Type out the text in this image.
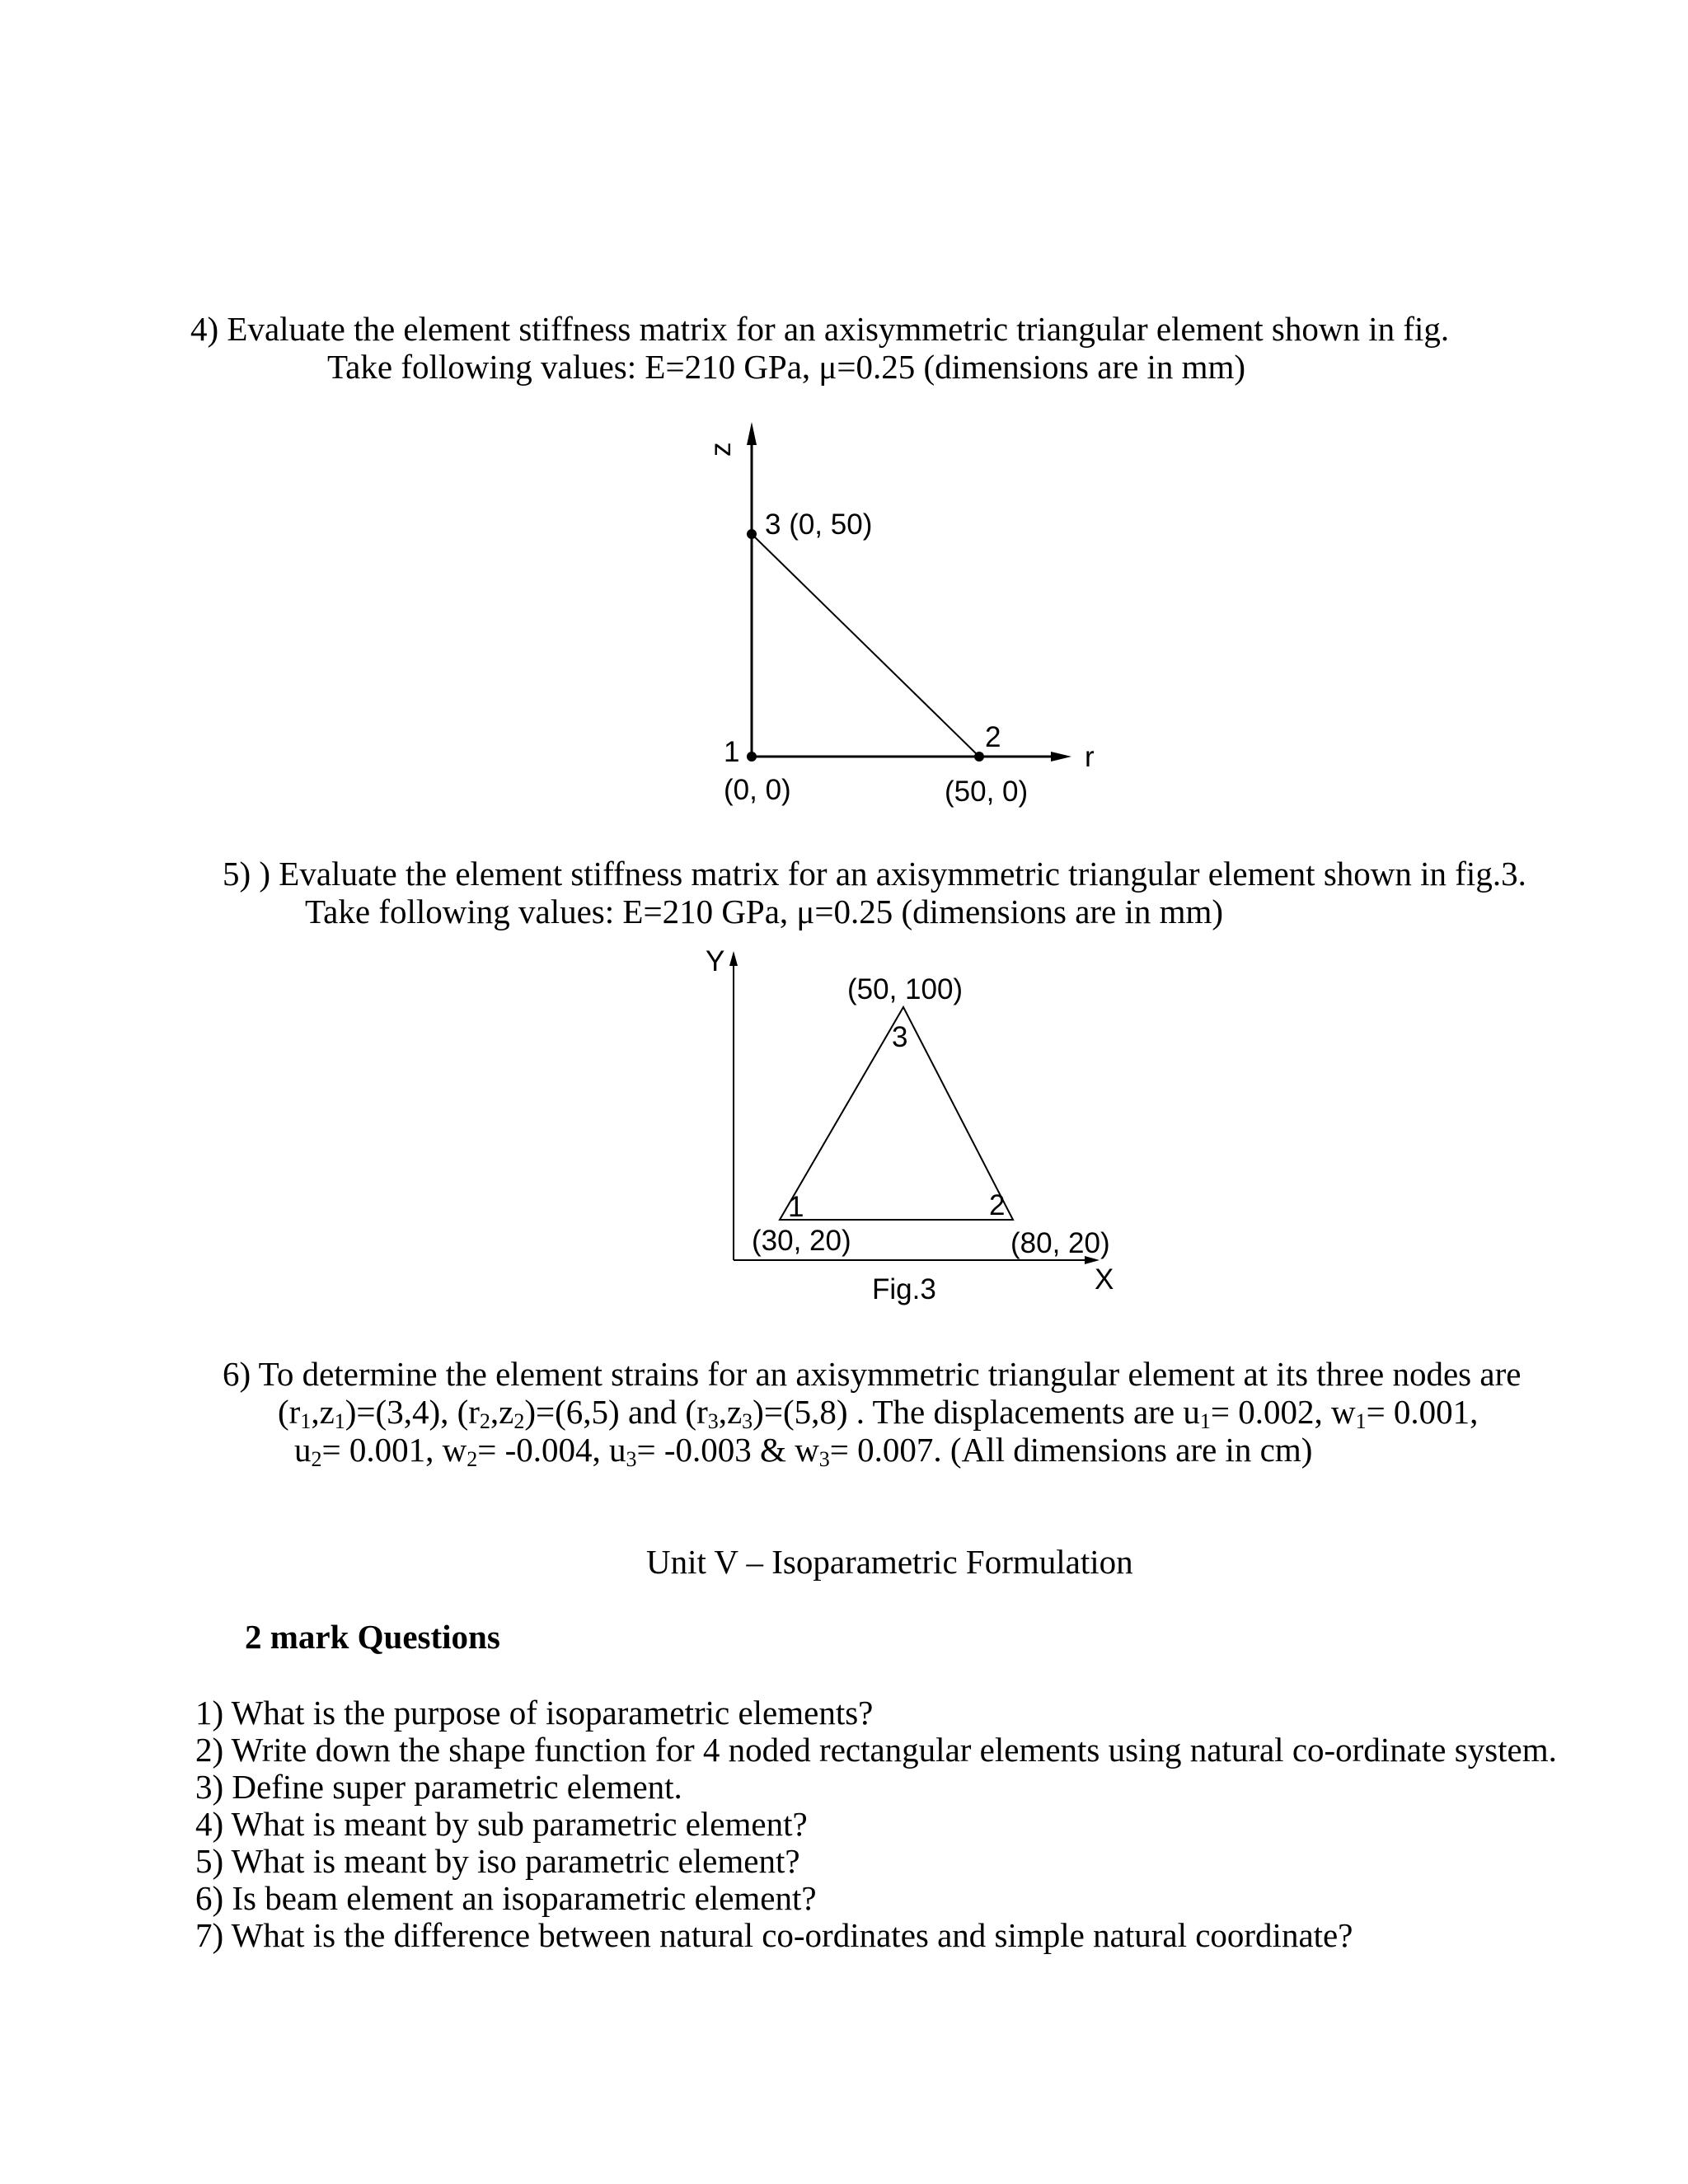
4) Evaluate the element stiffness matrix for an axisymmetric triangular element shown in fig.
Take following values: E=210 GPa, μ=0.25 (dimensions are in mm)
z
r
3 (0, 50)
1
(0, 0)
2
(50, 0)
5) ) Evaluate the element stiffness matrix for an axisymmetric triangular element shown in fig.3.
Take following values: E=210 GPa, μ=0.25 (dimensions are in mm)
Y
X
(50, 100)
3
1
(30, 20)
2
(80, 20)
Fig.3
6) To determine the element strains for an axisymmetric triangular element at its three nodes are
$(r_1,z_1)=(3,4)$, $(r_2,z_2)=(6,5)$ and $(r_3,z_3)=(5,8)$ . The displacements are $u_1= 0.002$, $w_1= 0.001$,
$u_2= 0.001$, $w_2= -0.004$, $u_3= -0.003$ & $w_3= 0.007$. (All dimensions are in cm)
Unit V – Isoparametric Formulation
2 mark Questions
1) What is the purpose of isoparametric elements?
2) Write down the shape function for 4 noded rectangular elements using natural co-ordinate system.
3) Define super parametric element.
4) What is meant by sub parametric element?
5) What is meant by iso parametric element?
6) Is beam element an isoparametric element?
7) What is the difference between natural co-ordinates and simple natural coordinate?
